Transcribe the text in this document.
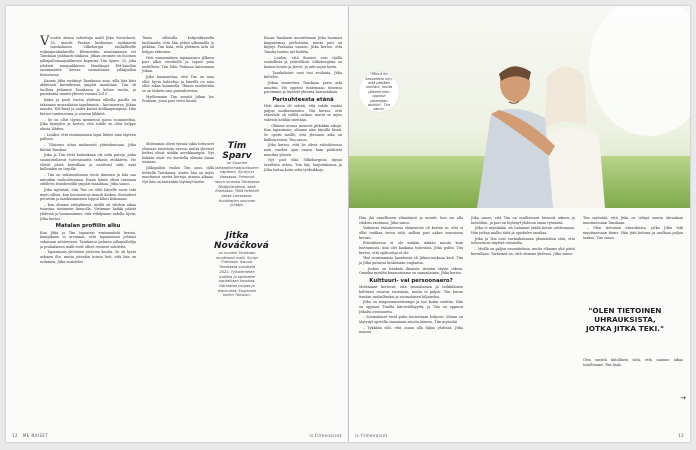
Vuoden alussa taberitaja malli Jitka Novácková, 28, muutti Prahan keskustan sydämestä tanskalaisen Silkeborgin rauhalliselle esikaupunkialueelle. Elementtiin muuttaminen vei Tanskaan puhtaasti rakkaus. Jitkan avomies on Suomen jalkapallomaajoukkueen kapteeni Tim Sparv, 33, joka johdatti maajoukkueen Huuhkajat EM-kisoihin ensimmäistä kertaa suomalaisen jalkapallon historiassa.

Kaunis Jitka eivätinyt Tanskassa aina, sillä hän kävi ahkerasti kuvauksissa ympäri maailmaa. Tim oli tuolloin pelannut Tanskassa jo kolme vuotta, ja pariskunta muutti yhteen vuonna 2019.

Kaksi ja puoli vuotta yhdessä olleella parilla on takanaan monenlaisia tapahtumia – koronavirus, Jitkan muutto, EM-kisat ja uudet kuviot kotikaupungissa. Hän kertoo tunteneensa jo vauvan liikkeet.

– Se on ollut täysin mennessä paras suunnitelma, Jitka hymyilee ja kertoo, että suhde on ollut helppo alusta lähtien.

– Lisäksi, että ensimmäinen lapsi lähtee aina täyteen palloon.

– Tilaisuus ottaa mukavasti yhteiskuntaan, Jitka kiittää Tanskaa.

Jitka ja Tim eivät kuitenkaan ole niitä pareja, jotka suunnittelisivat tulevaisuutta tarkasti etukäteen. He elävät päivä kerrallaan ja nauttivat siitä, mitä kulloinkin on tarjolla.

– Tim on uskomattoman rento ihminen ja hän saa minutkin rauhoittumaan. Ilman häntä olisin varmaan edelleen lentokentillä ympäri maailmaa, Jitka sanoo.

Jitka myöntää, että Tim on ollut hänelle suuri tuki myös silloin, kun koronavirus muutti kaiken. Kuvaukset peruttiin ja matkustaminen loppui lähes kokonaan.

– Kun olimme eristyksissä, meillä oli vihdoin aikaa tutustua toisiimme kunnolla. Vietimme kaikki päivät yhdessä ja huomasimme, että viihdymme todella hyvin, Jitka kertoo.

Matalan profiilin alku

Kun Jitka ja Tim tapasivat ensimmäistä kertaa, kumpikaan ei arvannut, että tapaaminen johtaisi vakavaan suhteeseen. Tanskassa pelaava jalkapalloilija ja prahalainen malli eivät olleet etsineet suhdetta.

– Tapasimme yhteisten ystävien kautta. Se oli hyvin arkinen ilta, mutta jotenkin tunsin heti, että hän on erilainen, Jitka muistelee.

Timin silloisilla kotijoukkueella huolimatta, että hän pelasi ulkomailla jo pitkään. Tim koki, että yhteinen arki oli helppo rakentaa.

Heti ensimmäisen tapaamisen jälkeen pari alkoi viestitellä ja tapasi pian uudelleen. Tim lähti Prahaan katsomaan Jitkaa.

Jitka huomauttaa, että Tim on aina ollut hyvin kohtelias ja hänellä on aina ollut aikaa kuunnella. Hänen mielestään se on tärkein asia parisuhteessa.

Myöhemmin Tim muutti Jitkan luo Prahaan, jossa pari vietti kesän.

Molemmat olivat työnsä takia tottuneet olemaan toisistaan erossa, mutta yhteiset hetket olivat sitäkin arvokkaampia. Nyt hekään eivät voi kuvitella elämää ilman toisiaan.

Jalkapallon vuoksi Tim asuu tällä hetkellä Tanskassa, mutta hän on myös muuttanut useita kertoja uransa aikana. Nyt hän on kuitenkin löytänyt kodin.

Tim Sparv
on Suomen jalkapallomaajoukkueen kapteeni. Syntynyt Vaasassa. Pelannut muun muassa Tanskassa Midtjyllandissa, sekä Kreikassa. Tällä hetkellä pelaa Larissassa. Huuhkajien suunnan johtaja.
Jitka Nováčková
on vuoden Tanskaan muuttanut malli. Syntyi Prahassa. Asunut Tanskassa vuodesta 2021. Työskentelee mallina ja opiskelee parhaillaan tanskaa. Harrastaa joogaa ja leipomista. Englannin kielen Tanskan.

Kauas Tanskaan muutettuaan Jitka huomasi kaipaavansa perhettään, mutta pari on käynyt Prahassa useasti. Jitka kertoo, että Tanska tuntuu nyt kodilta.

– Luulen, että ihmiset ovat täällä rauhallisia ja ystävällisiä. Silkeborgissa on kaunis luonto ja järvet, ja arki sujuu hyvin.

– Tanskalaiset ovat tosi avuliaita, Jitka kiittelee.

Jitkan muutettua Tanskaan parin arki muuttui. He oppivat tuntemaan toisensa paremmin ja löysivät yhteisiä harrastuksia.

Parisuhteesta etänä

Heti alussa oli selvää, että suhde vaatisi paljon matkustamista. Tim kertoo, että etäsuhde oli välillä raskas, mutta se myös vahvisti heidän siteitään.

– Olimme erossa monesti pitkiäkin aikoja. Kun tapasimme, olimme aina täysillä läsnä. Se opetti meille, että yhteinen aika on kallisarvoista, Tim sanoo.

Jitka kertoo, että he olivat etäsuhteessa noin vuoden ajan ennen kuin päättivät muuttaa yhteen.

Nyt pari elää Silkeborgissa täysin tavallista arkea. Tim käy harjoituksissa ja Jitka hoitaa kotia sekä työkeikkoja.

12 ME NAISET	is.fi/menaiset
"Minut on kasvatettu niin, että pärjään omillani, mutta jälkeen olen oppinut jakamaan asioita", Tim sanoo.

Hän jää onnelliseen elämäänsä ja muutti, kun sai olla vihdoin rauhassa, Jitka sanoo.

Vaikeinta etäsuhteessa elämisessä oli kestää se, että ei ollut tarkkaa tietoa siitä, milloin pari näkee seuraavan kerran.

Etäsuhteessa ei ole mitään mitään muuta kuin luottamusta, kun olet kaukana toisestasi, Jitka pohtii. Tim kertoo, että epäluuloja ei ole.

Yksi suurimmista haasteista oli Jitkan mukaan kieli. Tim ja Jitka puhuvat keskenään englantia.

– Joskus on hankala ilmaista itseään täysin oikein. Onneksi meidän huumorimme on samanlainen, Jitka kertoo.

Kulttuuri- vai persoonaero?

Molemmat kertovat, että suomalainen ja tsekkiläinen kulttuuri eroavat toisistaan, mutta ei paljon. Tim kuvaa itseään rauhalliseksi ja suomalaisen hiljaiseksi.

Jitka on temperamenttisempi ja tuo kotiin vauhtia. Hän on oppinut Timiltä kärsivällisyyttä, ja Tim on oppinut Jitkalta avoimuutta.

– Suomalaiset eivät puhu tunteistaan helposti. Minun on täytynyt opetella sanomaan asioita ääneen, Tim myöntää.

– Tykkään silti, että osaan olla hiljaa yhdessä, Jitka nauraa.

Jitka sanoo, että Tim on osallistunut hienosti arkeen ja kotitöihin, ja pari on löytänyt yhdessä oman rytminsä.

Jitka ei myöskään ole halunnut jäädä kotiin odottamaan. Hän jatkaa mallin töitä ja opiskelee tanskaa.

Jitka ja Tim ovat vastauksissaan yksimielisiä siitä, että tulevaisuus näyttää valoisalta.

– Meillä on paljon suunnitelmia, mutta elämme yhä päivä kerrallaan. Tärkeintä on, että olemme yhdessä, Jitka sanoo.

Tim myöntää, että Jitka on tehnyt suuria uhrauksia muuttaessaan Tanskaan.

– Olen tietoinen uhrauksista, jotka Jitka teki muuttaessaan tänne. Hän jätti kotinsa ja urallaan paljon taakse, Tim sanoo.

"OLEN TIETOINEN UHRAUKSISTA, JOTKA JITKA TEKI."

Olen meistä kiitollinen siitä, että saimme aikaa toisillemme, Tim lisää.

→
is.fi/menaiset	13
